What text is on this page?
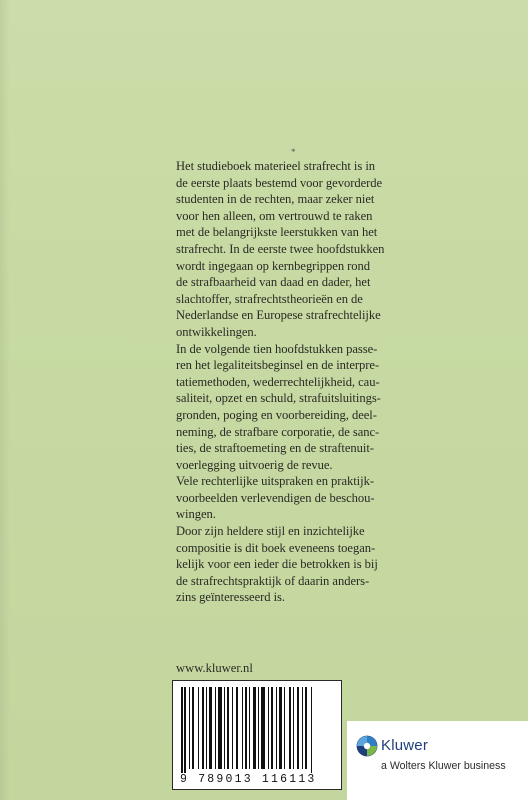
*

Het studieboek materieel strafrecht is in
de eerste plaats bestemd voor gevorderde
studenten in de rechten, maar zeker niet
voor hen alleen, om vertrouwd te raken
met de belangrijkste leerstukken van het
strafrecht. In de eerste twee hoofdstukken
wordt ingegaan op kernbegrippen rond
de strafbaarheid van daad en dader, het
slachtoffer, strafrechtstheorieën en de
Nederlandse en Europese strafrechtelijke
ontwikkelingen.

In de volgende tien hoofdstukken passe-
ren het legaliteitsbeginsel en de interpre-
tatiemethoden, wederrechtelijkheid, cau-
saliteit, opzet en schuld, strafuitsluitings-
gronden, poging en voorbereiding, deel-
neming, de strafbare corporatie, de sanc-
ties, de straftoemeting en de straftenuit-
voerlegging uitvoerig de revue.

Vele rechterlijke uitspraken en praktijk-
voorbeelden verlevendigen de beschou-
wingen.

Door zijn heldere stijl en inzichtelijke
compositie is dit boek eveneens toegan-
kelijk voor een ieder die betrokken is bij
de strafrechtspraktijk of daarin anders-
zins geïnteresseerd is.

www.kluwer.nl
9 789013 116113
Kluwer
a Wolters Kluwer business
